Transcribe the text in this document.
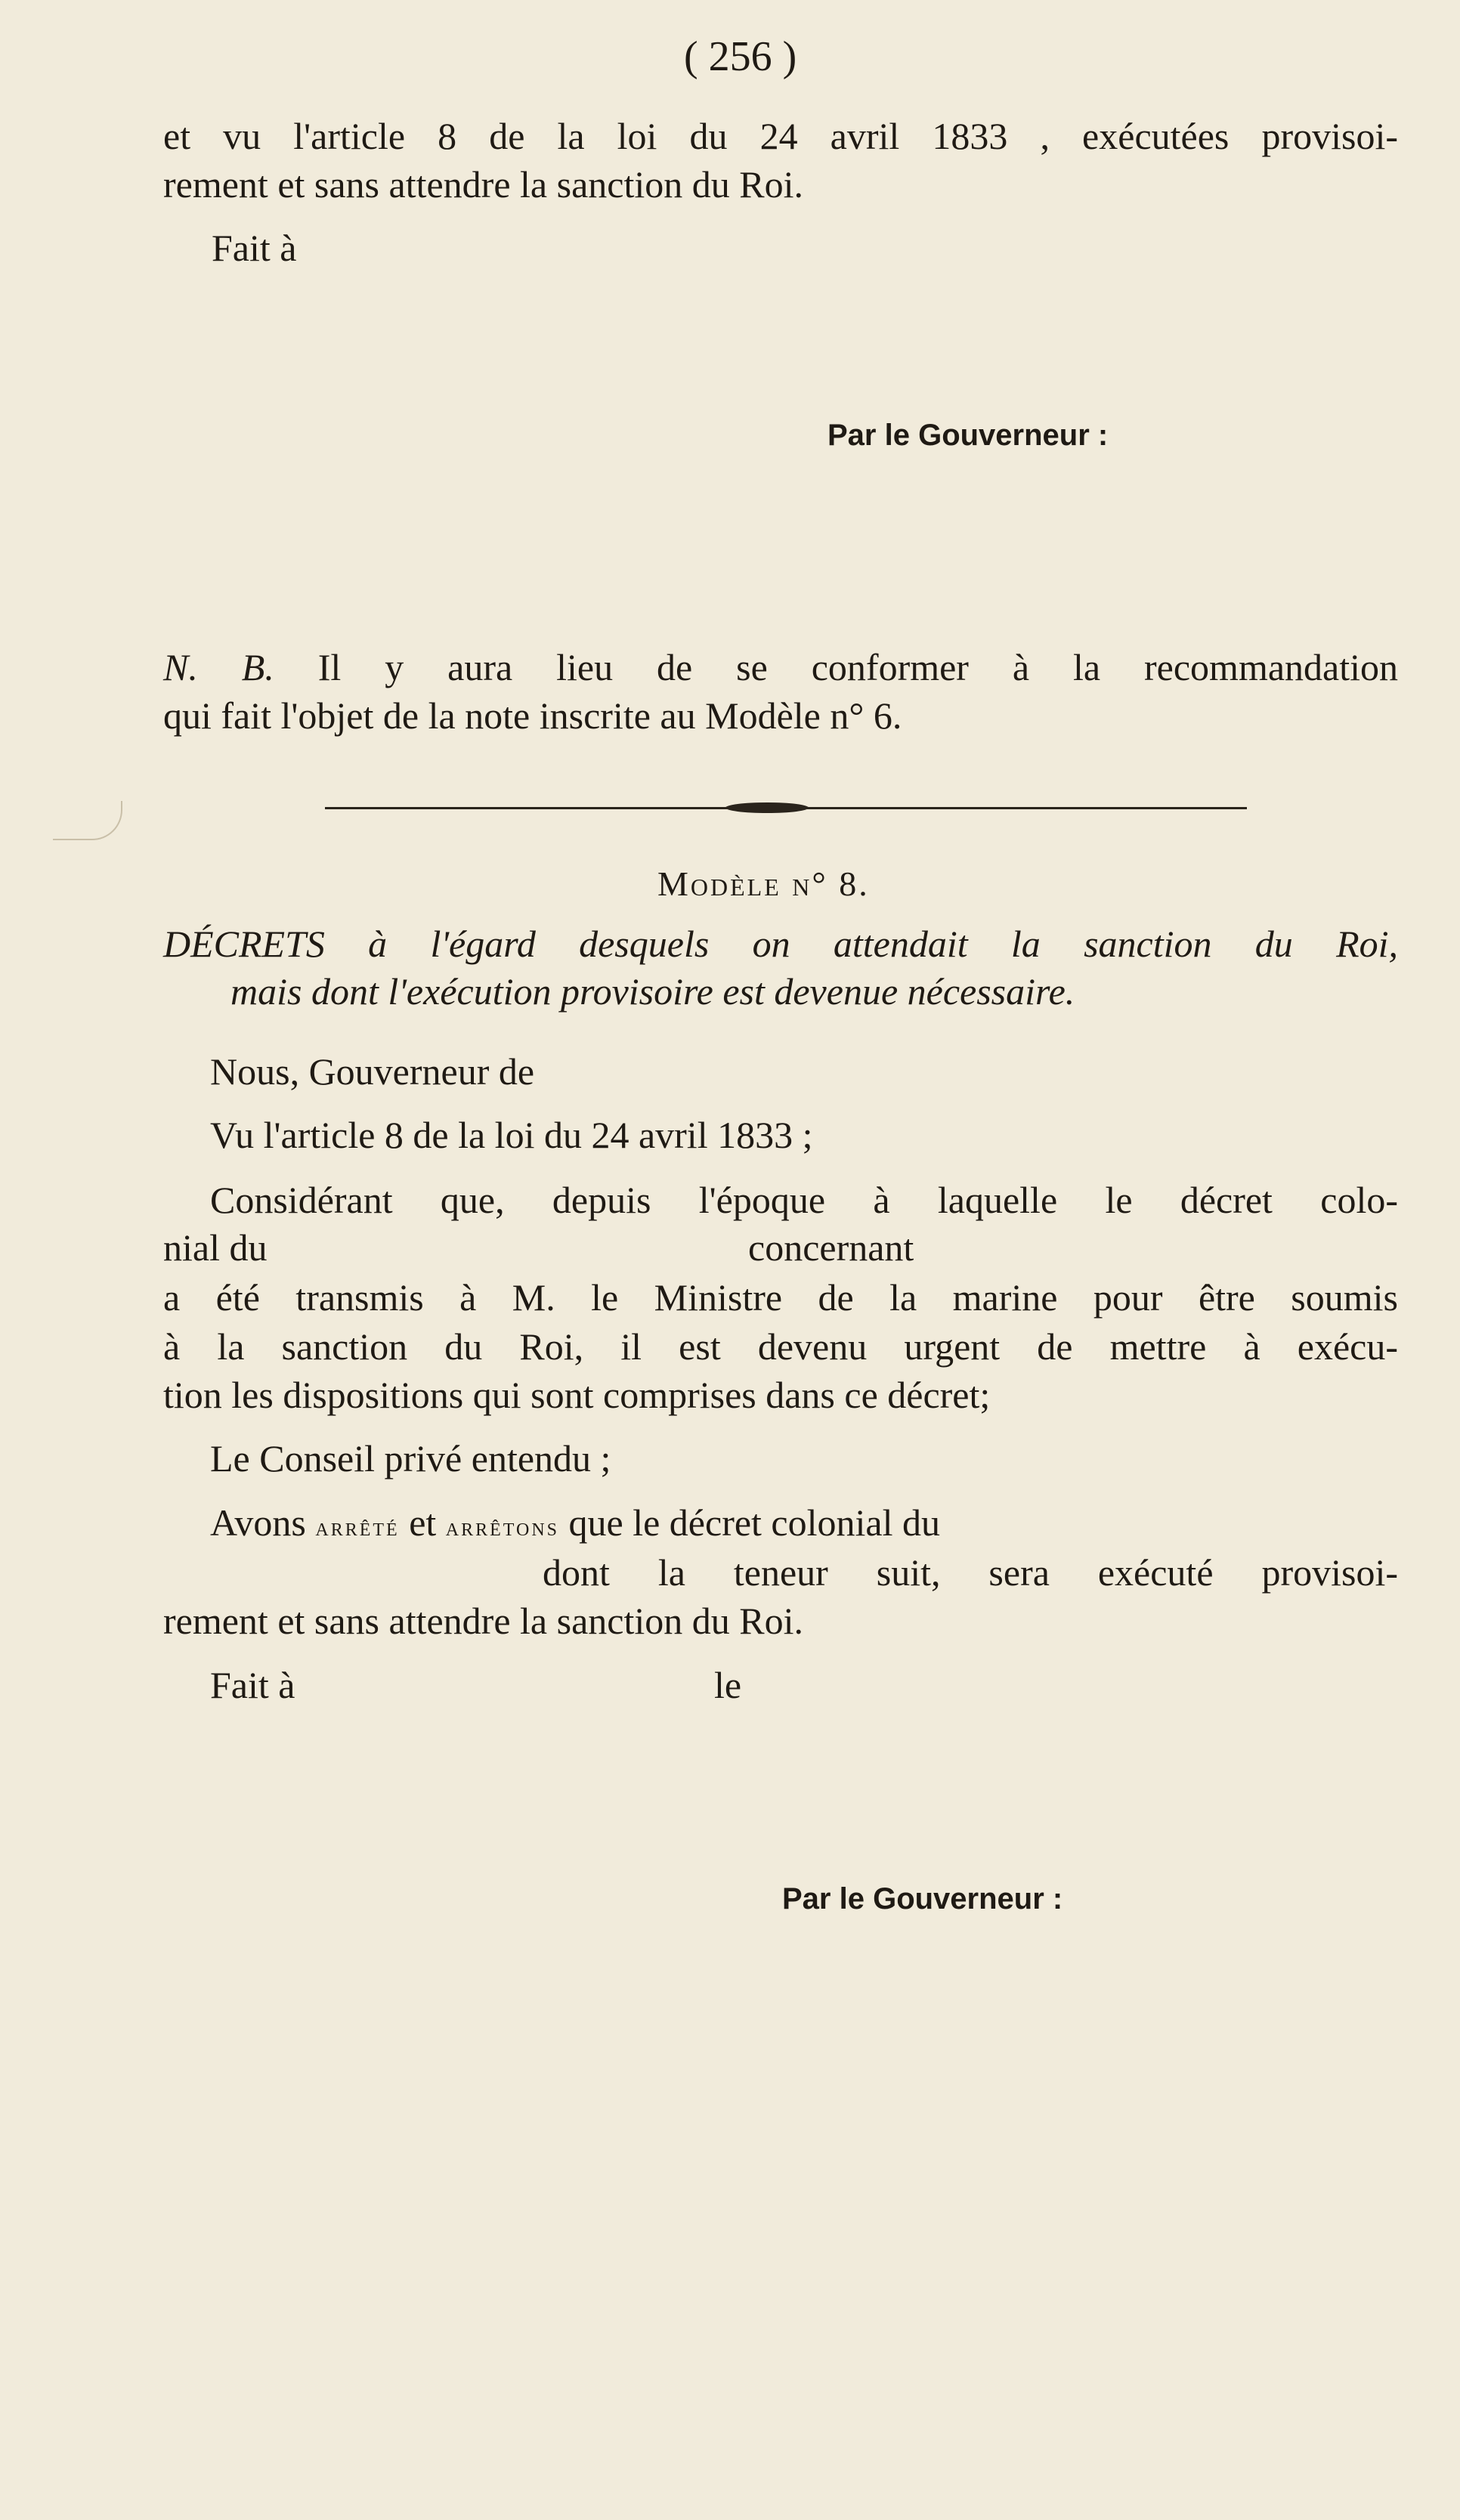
( 256 )
et vu l'article 8 de la loi du 24 avril 1833 , exécutées provisoi-
rement et sans attendre la sanction du Roi.
Fait à
Par le Gouverneur :
N. B. Il y aura lieu de se conformer à la recommandation
qui fait l'objet de la note inscrite au Modèle n° 6.
Modèle n° 8.
DÉCRETS à l'égard desquels on attendait la sanction du Roi,
mais dont l'exécution provisoire est devenue nécessaire.
Nous, Gouverneur de
Vu l'article 8 de la loi du 24 avril 1833 ;
Considérant que, depuis l'époque à laquelle le décret colo-
nial du	concernant
a été transmis à M. le Ministre de la marine pour être soumis
à la sanction du Roi, il est devenu urgent de mettre à exécu-
tion les dispositions qui sont comprises dans ce décret;
Le Conseil privé entendu ;
Avons arrêté et arrêtons que le décret colonial du
dont la teneur suit, sera exécuté provisoi-
rement et sans attendre la sanction du Roi.
Fait à	le
Par le Gouverneur :
